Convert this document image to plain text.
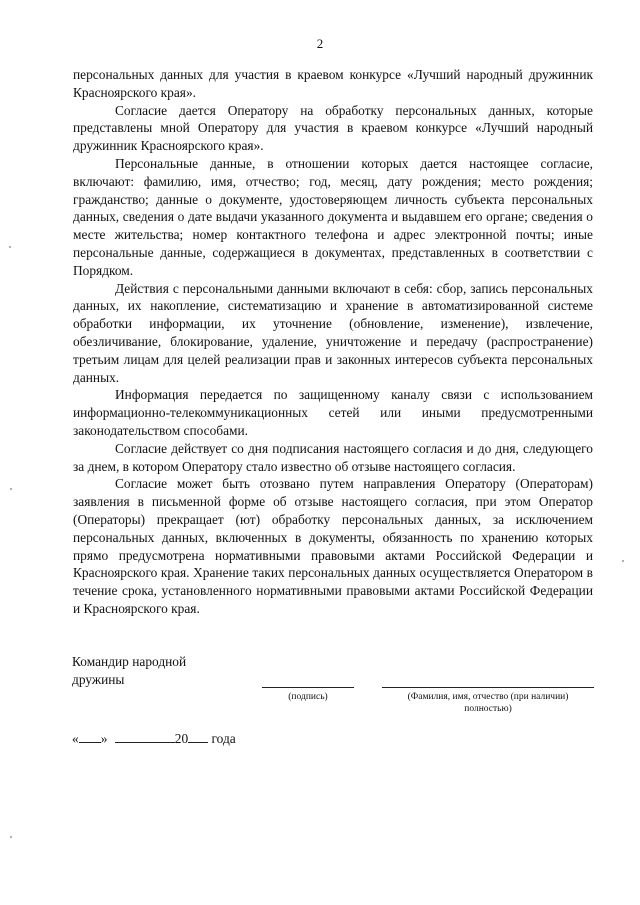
2

персональных данных для участия в краевом конкурсе «Лучший народный дружинник Красноярского края».

Согласие дается Оператору на обработку персональных данных, которые представлены мной Оператору для участия в краевом конкурсе «Лучший народный дружинник Красноярского края».

Персональные данные, в отношении которых дается настоящее согласие, включают: фамилию, имя, отчество; год, месяц, дату рождения; место рождения; гражданство; данные о документе, удостоверяющем личность субъекта персональных данных, сведения о дате выдачи указанного документа и выдавшем его органе; сведения о месте жительства; номер контактного телефона и адрес электронной почты; иные персональные данные, содержащиеся в документах, представленных в соответствии с Порядком.

Действия с персональными данными включают в себя: сбор, запись персональных данных, их накопление, систематизацию и хранение в автоматизированной системе обработки информации, их уточнение (обновление, изменение), извлечение, обезличивание, блокирование, удаление, уничтожение и передачу (распространение) третьим лицам для целей реализации прав и законных интересов субъекта персональных данных.

Информация передается по защищенному каналу связи с использованием информационно-телекоммуникационных сетей или иными предусмотренными законодательством способами.

Согласие действует со дня подписания настоящего согласия и до дня, следующего за днем, в котором Оператору стало известно об отзыве настоящего согласия.

Согласие может быть отозвано путем направления Оператору (Операторам) заявления в письменной форме об отзыве настоящего согласия, при этом Оператор (Операторы) прекращает (ют) обработку персональных данных, за исключением персональных данных, включенных в документы, обязанность по хранению которых прямо предусмотрена нормативными правовыми актами Российской Федерации и Красноярского края. Хранение таких персональных данных осуществляется Оператором в течение срока, установленного нормативными правовыми актами Российской Федерации и Красноярского края.

Командир народной
дружины
(подпись)	(Фамилия, имя, отчество (при наличии)
полностью)
« »	20 года
